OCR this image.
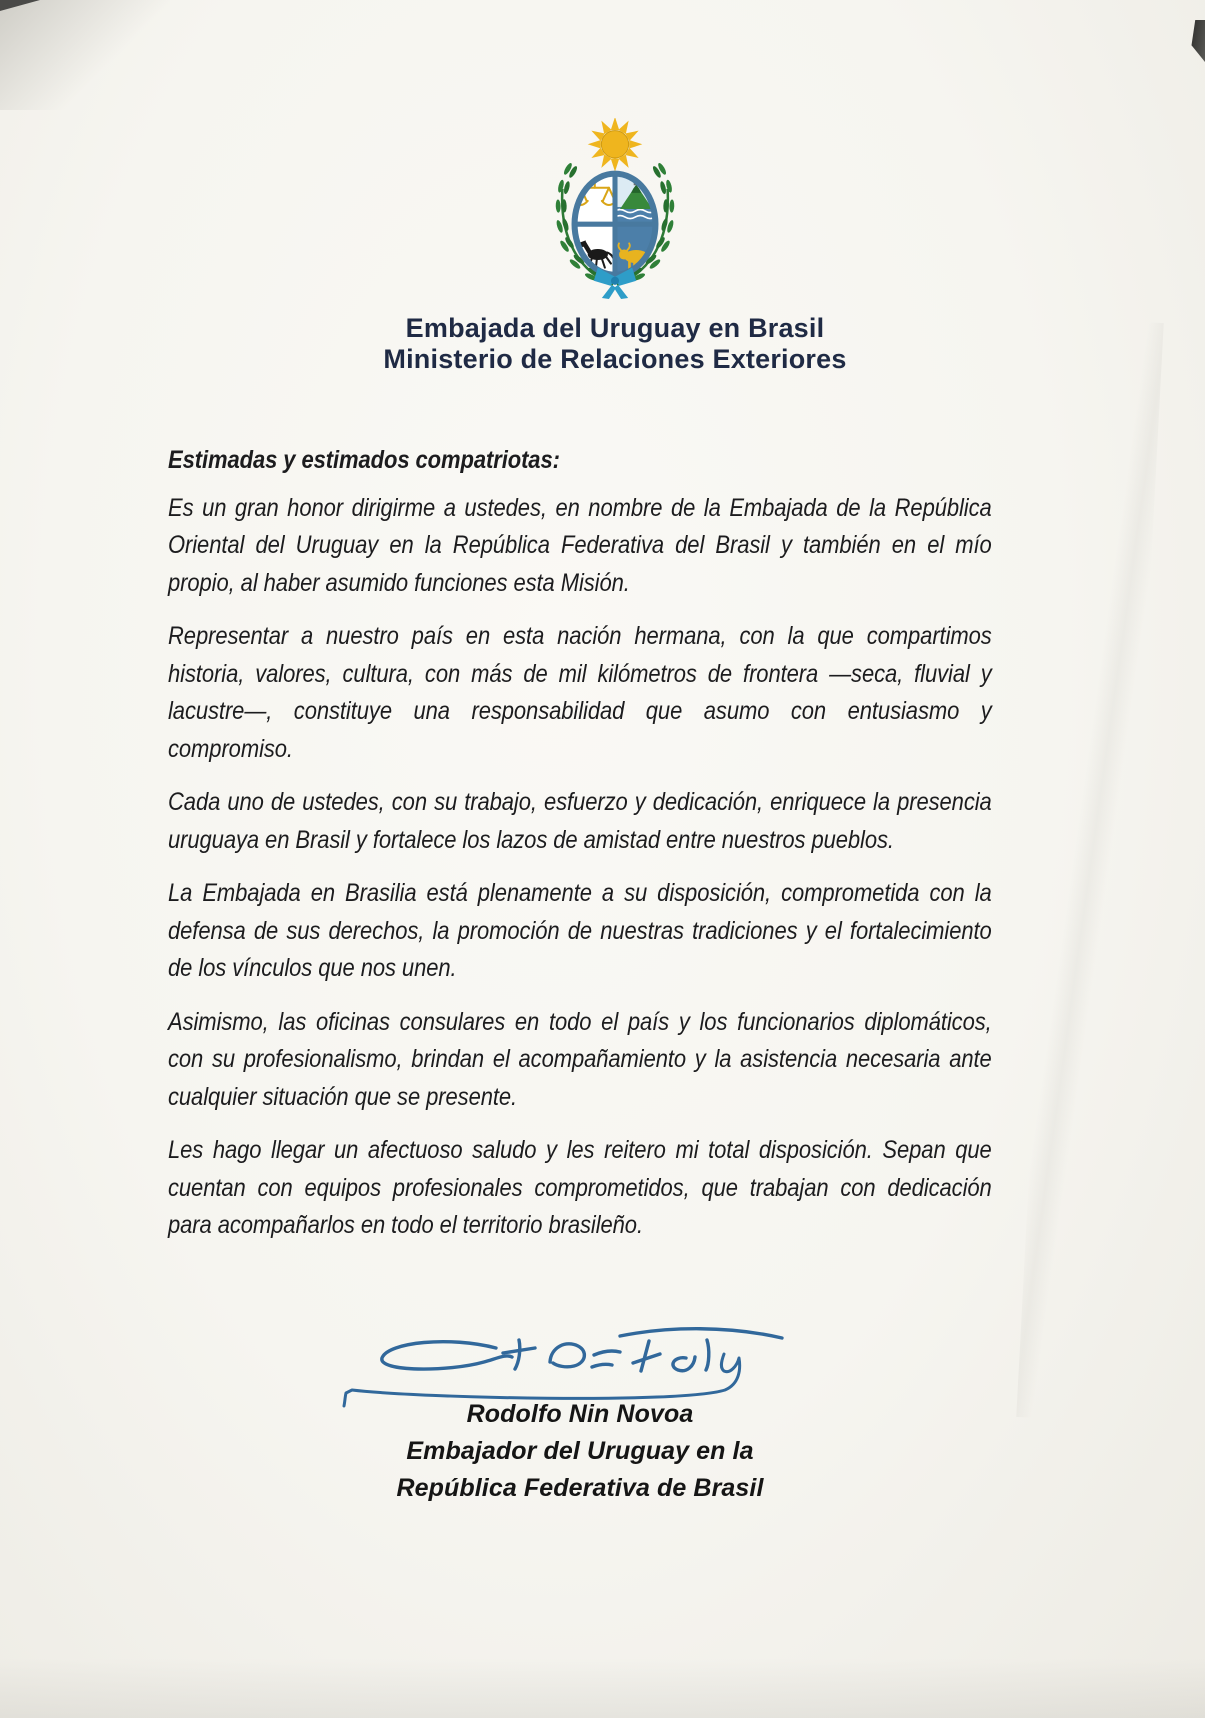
Embajada del Uruguay en Brasil
Ministerio de Relaciones Exteriores

Estimadas y estimados compatriotas:

Es un gran honor dirigirme a ustedes, en nombre de la Embajada de la República Oriental del Uruguay en la República Federativa del Brasil y también en el mío propio, al haber asumido funciones esta Misión.

Representar a nuestro país en esta nación hermana, con la que compartimos historia, valores, cultura, con más de mil kilómetros de frontera —seca, fluvial y lacustre—, constituye una responsabilidad que asumo con entusiasmo y compromiso.

Cada uno de ustedes, con su trabajo, esfuerzo y dedicación, enriquece la presencia uruguaya en Brasil y fortalece los lazos de amistad entre nuestros pueblos.

La Embajada en Brasilia está plenamente a su disposición, comprometida con la defensa de sus derechos, la promoción de nuestras tradiciones y el fortalecimiento de los vínculos que nos unen.

Asimismo, las oficinas consulares en todo el país y los funcionarios diplomáticos, con su profesionalismo, brindan el acompañamiento y la asistencia necesaria ante cualquier situación que se presente.

Les hago llegar un afectuoso saludo y les reitero mi total disposición. Sepan que cuentan con equipos profesionales comprometidos, que trabajan con dedicación para acompañarlos en todo el territorio brasileño.

Rodolfo Nin Novoa
Embajador del Uruguay en la
República Federativa de Brasil
